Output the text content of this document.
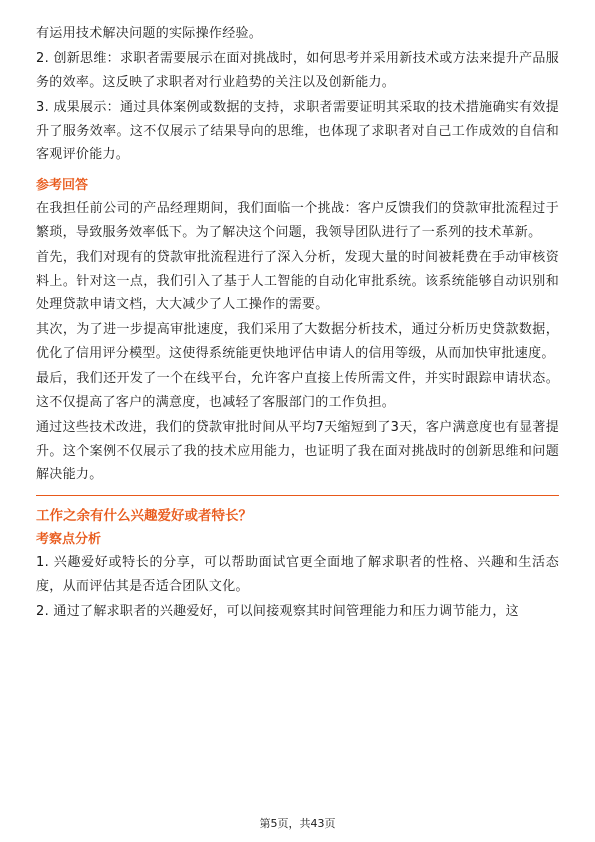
有运用技术解决问题的实际操作经验。

2. 创新思维：求职者需要展示在面对挑战时，如何思考并采用新技术或方法来提升产品服务的效率。这反映了求职者对行业趋势的关注以及创新能力。

3. 成果展示：通过具体案例或数据的支持，求职者需要证明其采取的技术措施确实有效提升了服务效率。这不仅展示了结果导向的思维，也体现了求职者对自己工作成效的自信和客观评价能力。

参考回答

在我担任前公司的产品经理期间，我们面临一个挑战：客户反馈我们的贷款审批流程过于繁琐，导致服务效率低下。为了解决这个问题，我领导团队进行了一系列的技术革新。

首先，我们对现有的贷款审批流程进行了深入分析，发现大量的时间被耗费在手动审核资料上。针对这一点，我们引入了基于人工智能的自动化审批系统。该系统能够自动识别和处理贷款申请文档，大大减少了人工操作的需要。

其次，为了进一步提高审批速度，我们采用了大数据分析技术，通过分析历史贷款数据，优化了信用评分模型。这使得系统能更快地评估申请人的信用等级，从而加快审批速度。

最后，我们还开发了一个在线平台，允许客户直接上传所需文件，并实时跟踪申请状态。这不仅提高了客户的满意度，也减轻了客服部门的工作负担。

通过这些技术改进，我们的贷款审批时间从平均7天缩短到了3天，客户满意度也有显著提升。这个案例不仅展示了我的技术应用能力，也证明了我在面对挑战时的创新思维和问题解决能力。

工作之余有什么兴趣爱好或者特长？
考察点分析

1. 兴趣爱好或特长的分享，可以帮助面试官更全面地了解求职者的性格、兴趣和生活态度，从而评估其是否适合团队文化。

2. 通过了解求职者的兴趣爱好，可以间接观察其时间管理能力和压力调节能力，这

第5页，共43页
